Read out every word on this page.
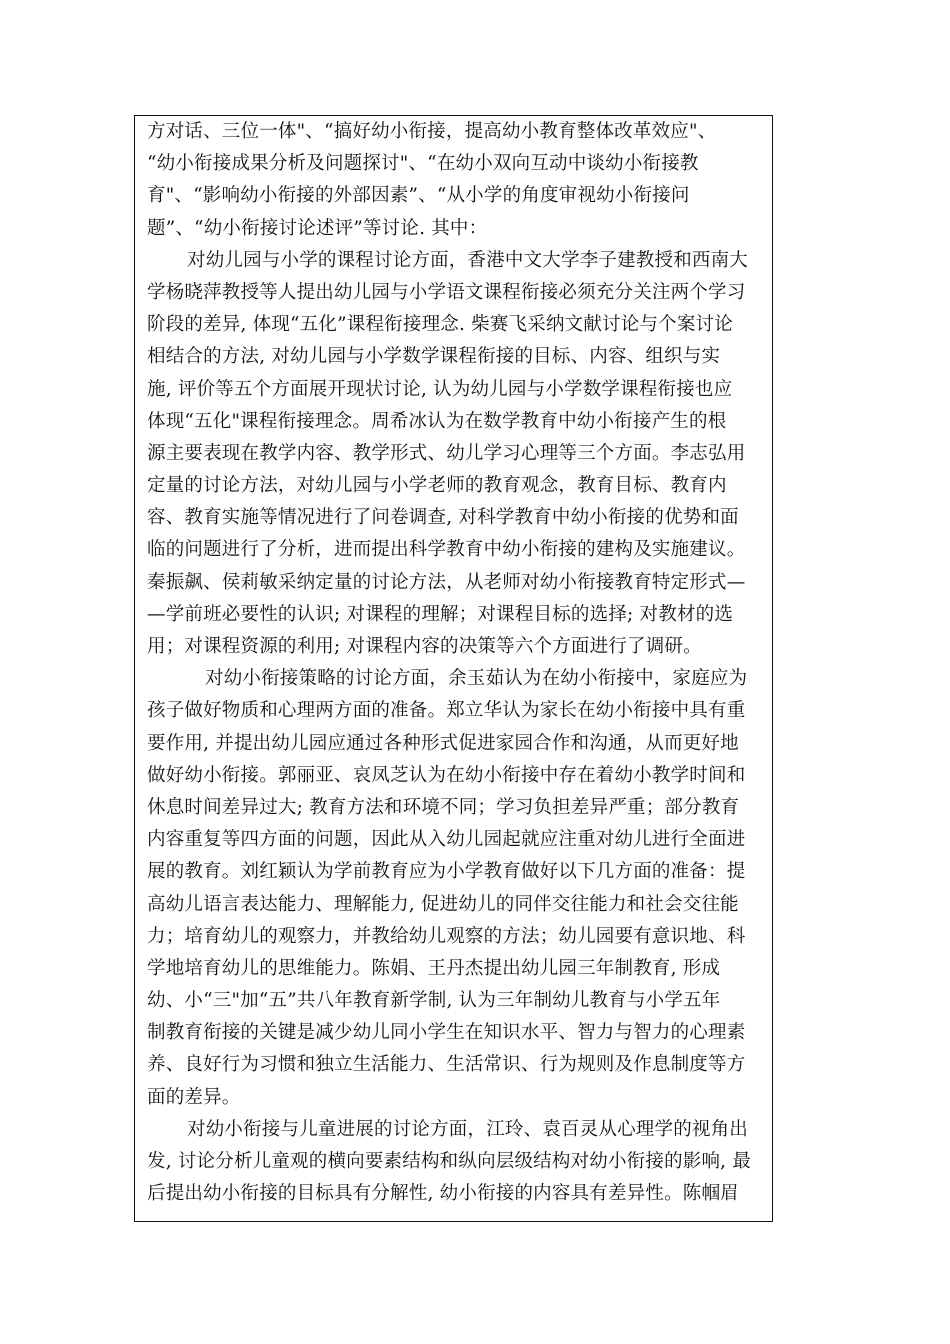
方对话、三位一体"、“搞好幼小衔接，提高幼小教育整体改革效应"、
“幼小衔接成果分析及问题探讨"、“在幼小双向互动中谈幼小衔接教
育"、“影响幼小衔接的外部因素”、“从小学的角度审视幼小衔接问
题”、“幼小衔接讨论述评”等讨论. 其中：
对幼儿园与小学的课程讨论方面，香港中文大学李子建教授和西南大
学杨晓萍教授等人提出幼儿园与小学语文课程衔接必须充分关注两个学习
阶段的差异, 体现“五化”课程衔接理念. 柴赛飞采纳文献讨论与个案讨论
相结合的方法, 对幼儿园与小学数学课程衔接的目标、内容、组织与实
施, 评价等五个方面展开现状讨论, 认为幼儿园与小学数学课程衔接也应
体现“五化"课程衔接理念。周希冰认为在数学教育中幼小衔接产生的根
源主要表现在教学内容、教学形式、幼儿学习心理等三个方面。李志弘用
定量的讨论方法，对幼儿园与小学老师的教育观念，教育目标、教育内
容、教育实施等情况进行了问卷调查, 对科学教育中幼小衔接的优势和面
临的问题进行了分析，进而提出科学教育中幼小衔接的建构及实施建议。
秦振飙、侯莉敏采纳定量的讨论方法，从老师对幼小衔接教育特定形式—
—学前班必要性的认识; 对课程的理解；对课程目标的选择; 对教材的选
用；对课程资源的利用; 对课程内容的决策等六个方面进行了调研。
对幼小衔接策略的讨论方面，余玉茹认为在幼小衔接中，家庭应为
孩子做好物质和心理两方面的准备。郑立华认为家长在幼小衔接中具有重
要作用, 并提出幼儿园应通过各种形式促进家园合作和沟通，从而更好地
做好幼小衔接。郭丽亚、哀凤芝认为在幼小衔接中存在着幼小教学时间和
休息时间差异过大; 教育方法和环境不同；学习负担差异严重；部分教育
内容重复等四方面的问题，因此从入幼儿园起就应注重对幼儿进行全面进
展的教育。刘红颖认为学前教育应为小学教育做好以下几方面的准备：提
高幼儿语言表达能力、理解能力, 促进幼儿的同伴交往能力和社会交往能
力；培育幼儿的观察力，并教给幼儿观察的方法；幼儿园要有意识地、科
学地培育幼儿的思维能力。陈娟、王丹杰提出幼儿园三年制教育, 形成
幼、小“三"加“五”共八年教育新学制, 认为三年制幼儿教育与小学五年
制教育衔接的关键是减少幼儿同小学生在知识水平、智力与智力的心理素
养、良好行为习惯和独立生活能力、生活常识、行为规则及作息制度等方
面的差异。
对幼小衔接与儿童进展的讨论方面，江玲、袁百灵从心理学的视角出
发, 讨论分析儿童观的横向要素结构和纵向层级结构对幼小衔接的影响, 最
后提出幼小衔接的目标具有分解性, 幼小衔接的内容具有差异性。陈帼眉
